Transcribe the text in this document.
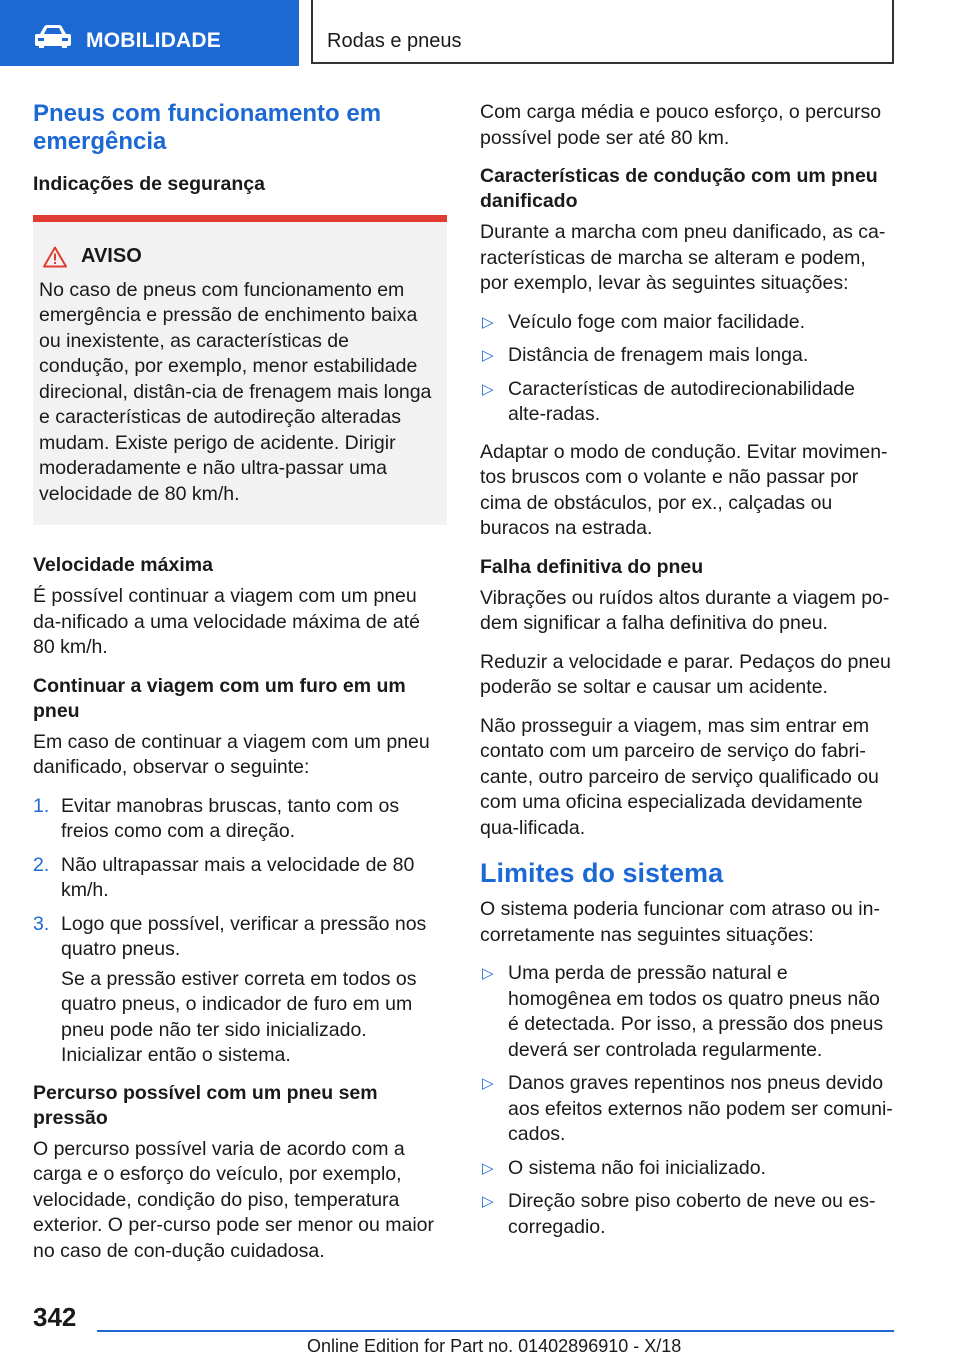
MOBILIDADE	Rodas e pneus
Pneus com funcionamento em emergência
Indicações de segurança
AVISO
No caso de pneus com funcionamento em emergência e pressão de enchimento baixa ou inexistente, as características de condução, por exemplo, menor estabilidade direcional, distân-cia de frenagem mais longa e características de autodireção alteradas mudam. Existe perigo de acidente. Dirigir moderadamente e não ultra-passar uma velocidade de 80 km/h.
Velocidade máxima

É possível continuar a viagem com um pneu da-nificado a uma velocidade máxima de até 80 km/h.

Continuar a viagem com um furo em um pneu

Em caso de continuar a viagem com um pneu danificado, observar o seguinte:

1. Evitar manobras bruscas, tanto com os freios como com a direção.
2. Não ultrapassar mais a velocidade de 80 km/h.
3. Logo que possível, verificar a pressão nos quatro pneus.
Se a pressão estiver correta em todos os quatro pneus, o indicador de furo em um pneu pode não ter sido inicializado. Inicializar então o sistema.
Percurso possível com um pneu sem pressão

O percurso possível varia de acordo com a carga e o esforço do veículo, por exemplo, velocidade, condição do piso, temperatura exterior. O per-curso pode ser menor ou maior no caso de con-dução cuidadosa.

Com carga média e pouco esforço, o percurso possível pode ser até 80 km.

Características de condução com um pneu danificado

Durante a marcha com pneu danificado, as ca-racterísticas de marcha se alteram e podem, por exemplo, levar às seguintes situações:

▷ Veículo foge com maior facilidade.
▷ Distância de frenagem mais longa.
▷ Características de autodirecionabilidade alte-radas.

Adaptar o modo de condução. Evitar movimen-tos bruscos com o volante e não passar por cima de obstáculos, por ex., calçadas ou buracos na estrada.

Falha definitiva do pneu

Vibrações ou ruídos altos durante a viagem po-dem significar a falha definitiva do pneu.

Reduzir a velocidade e parar. Pedaços do pneu poderão se soltar e causar um acidente.

Não prosseguir a viagem, mas sim entrar em contato com um parceiro de serviço do fabri-cante, outro parceiro de serviço qualificado ou com uma oficina especializada devidamente qua-lificada.

Limites do sistema

O sistema poderia funcionar com atraso ou in-corretamente nas seguintes situações:

▷ Uma perda de pressão natural e homogênea em todos os quatro pneus não é detectada. Por isso, a pressão dos pneus deverá ser controlada regularmente.
▷ Danos graves repentinos nos pneus devido aos efeitos externos não podem ser comuni-cados.
▷ O sistema não foi inicializado.
▷ Direção sobre piso coberto de neve ou es-corregadio.
342
Online Edition for Part no. 01402896910 - X/18
